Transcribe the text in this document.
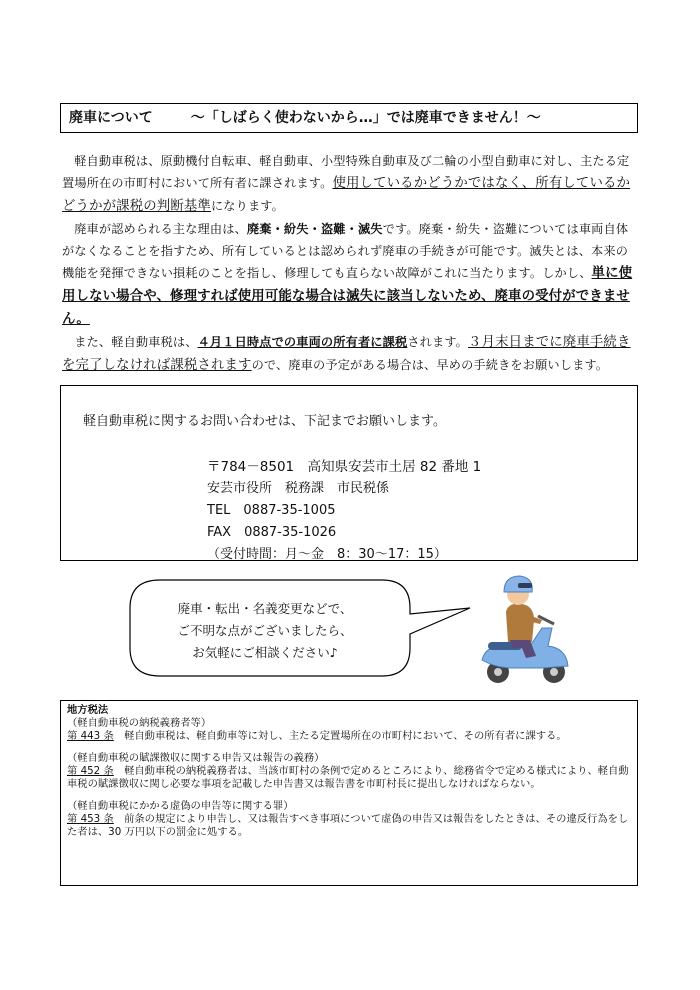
廃車について	～「しばらく使わないから…」では廃車できません！～

軽自動車税は、原動機付自転車、軽自動車、小型特殊自動車及び二輪の小型自動車に対し、主たる定置場所在の市町村において所有者に課されます。使用しているかどうかではなく、所有しているかどうかが課税の判断基準になります。

廃車が認められる主な理由は、廃棄・紛失・盗難・滅失です。廃棄・紛失・盗難については車両自体がなくなることを指すため、所有しているとは認められず廃車の手続きが可能です。滅失とは、本来の機能を発揮できない損耗のことを指し、修理しても直らない故障がこれに当たります。しかし、単に使用しない場合や、修理すれば使用可能な場合は滅失に該当しないため、廃車の受付ができません。

また、軽自動車税は、４月１日時点での車両の所有者に課税されます。３月末日までに廃車手続きを完了しなければ課税されますので、廃車の予定がある場合は、早めの手続きをお願いします。

軽自動車税に関するお問い合わせは、下記までお願いします。
〒784－8501　高知県安芸市土居 82 番地 1
安芸市役所　税務課　市民税係
TEL　0887-35-1005
FAX　0887-35-1026
（受付時間：月～金　8：30～17：15）
廃車・転出・名義変更などで、
ご不明な点がございましたら、
お気軽にご相談ください♪
地方税法
（軽自動車税の納税義務者等）
第 443 条　軽自動車税は、軽自動車等に対し、主たる定置場所在の市町村において、その所有者に課する。
（軽自動車税の賦課徴収に関する申告又は報告の義務）
第 452 条　軽自動車税の納税義務者は、当該市町村の条例で定めるところにより、総務省令で定める様式により、軽自動車税の賦課徴収に関し必要な事項を記載した申告書又は報告書を市町村長に提出しなければならない。
（軽自動車税にかかる虚偽の申告等に関する罪）
第 453 条　前条の規定により申告し、又は報告すべき事項について虚偽の申告又は報告をしたときは、その違反行為をした者は、30 万円以下の罰金に処する。
